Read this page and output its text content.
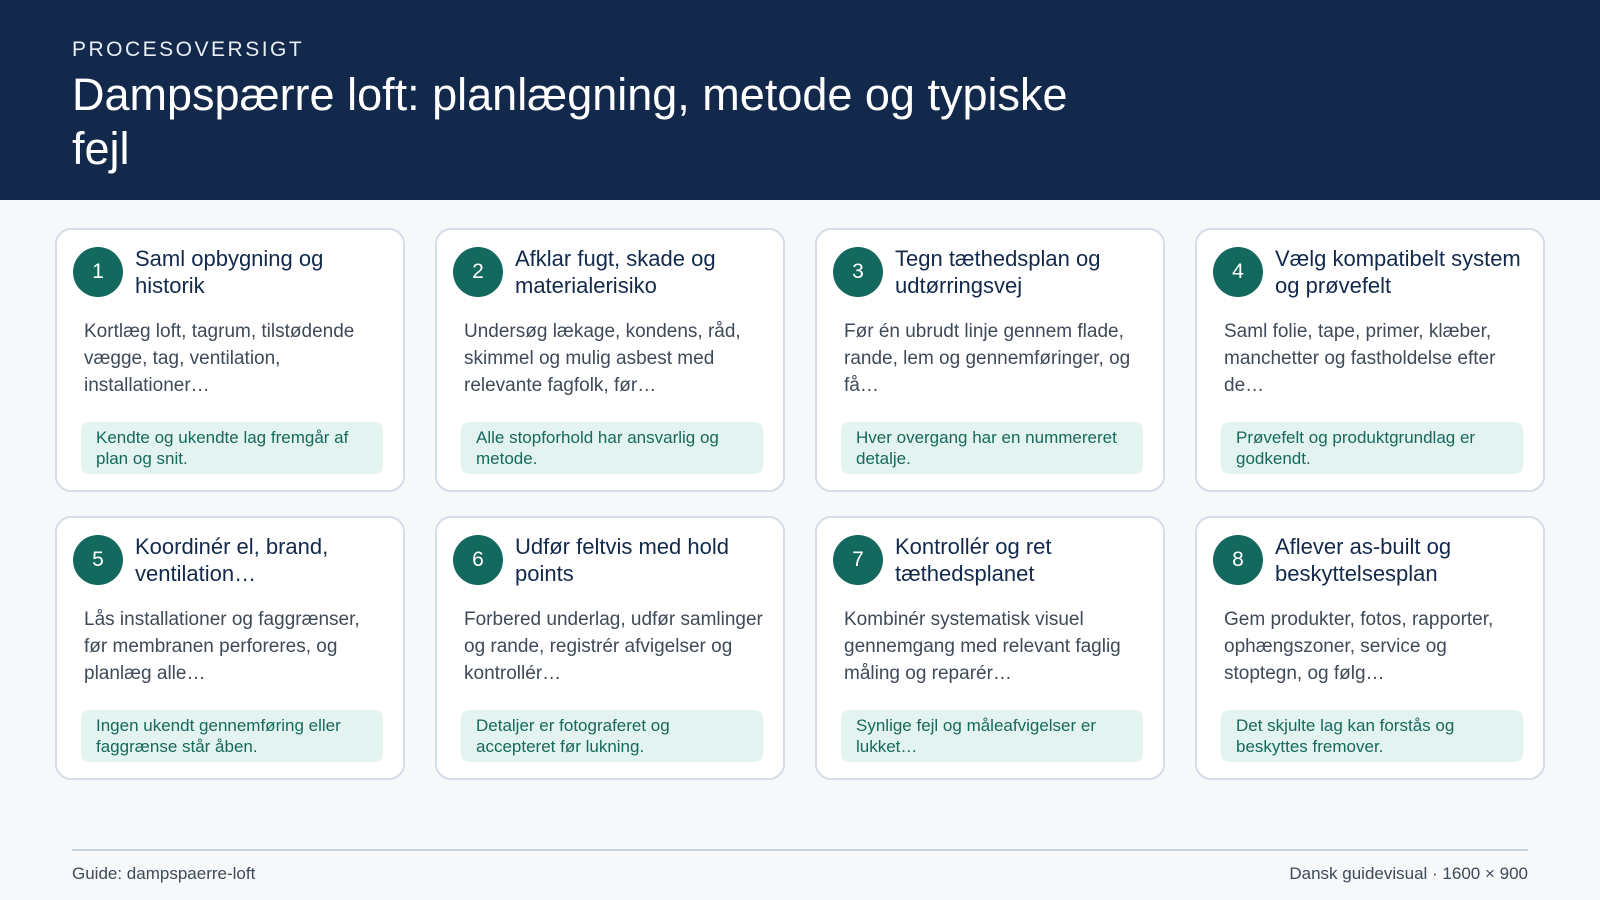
PROCESOVERSIGT
Dampspærre loft: planlægning, metode og typiske fejl
1
Saml opbygning og historik

Kortlæg loft, tagrum, tilstødende vægge, tag, ventilation, installationer…

Kendte og ukendte lag fremgår af plan og snit.
2
Afklar fugt, skade og materialerisiko

Undersøg lækage, kondens, råd, skimmel og mulig asbest med relevante fagfolk, før…

Alle stopforhold har ansvarlig og metode.
3
Tegn tæthedsplan og udtørringsvej

Før én ubrudt linje gennem flade, rande, lem og gennemføringer, og få…

Hver overgang har en nummereret detalje.
4
Vælg kompatibelt system og prøvefelt

Saml folie, tape, primer, klæber, manchetter og fastholdelse efter de…

Prøvefelt og produktgrundlag er godkendt.
5
Koordinér el, brand, ventilation…

Lås installationer og faggrænser, før membranen perforeres, og planlæg alle…

Ingen ukendt gennemføring eller faggrænse står åben.
6
Udfør feltvis med hold points

Forbered underlag, udfør samlinger og rande, registrér afvigelser og kontrollér…

Detaljer er fotograferet og accepteret før lukning.
7
Kontrollér og ret tæthedsplanet

Kombinér systematisk visuel gennemgang med relevant faglig måling og reparér…

Synlige fejl og måleafvigelser er lukket…
8
Aflever as-built og beskyttelsesplan

Gem produkter, fotos, rapporter, ophængszoner, service og stoptegn, og følg…

Det skjulte lag kan forstås og beskyttes fremover.
Guide: dampspaerre-loft	Dansk guidevisual · 1600 × 900
